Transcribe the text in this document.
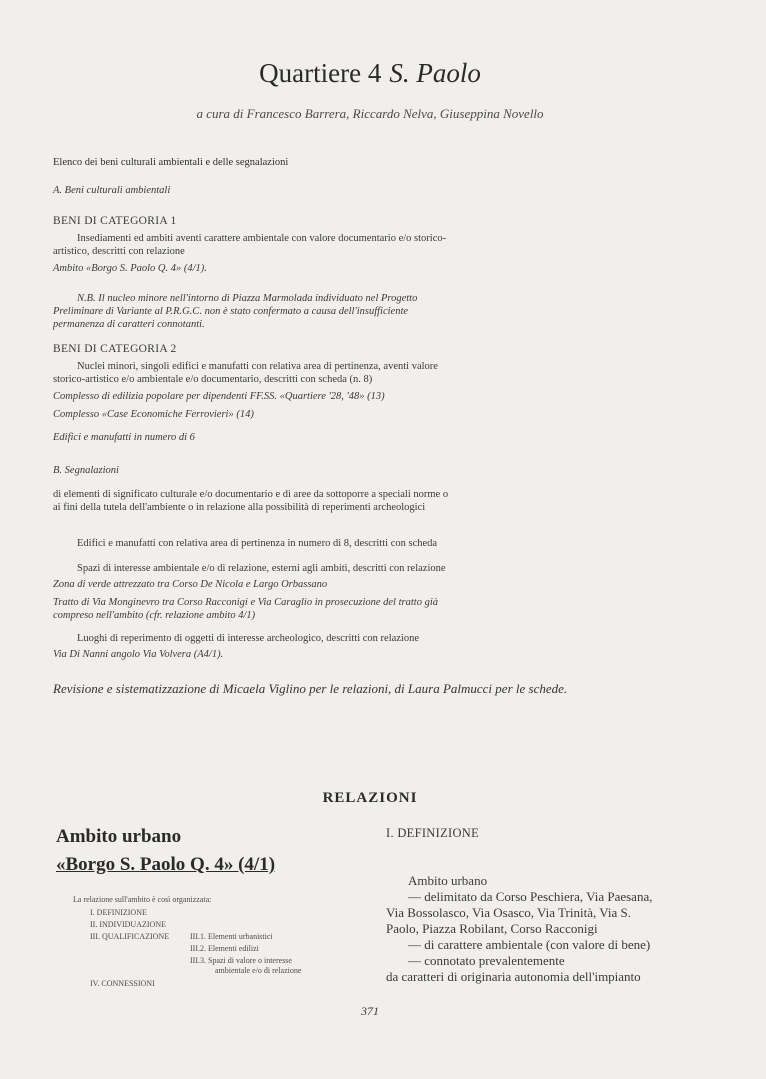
Quartiere 4 S. Paolo
a cura di Francesco Barrera, Riccardo Nelva, Giuseppina Novello
Elenco dei beni culturali ambientali e delle segnalazioni
A. Beni culturali ambientali
BENI DI CATEGORIA 1
Insediamenti ed ambiti aventi carattere ambientale con valore documentario e/o storico-
artistico, descritti con relazione
Ambito «Borgo S. Paolo Q. 4» (4/1).
N.B. Il nucleo minore nell'intorno di Piazza Marmolada individuato nel Progetto
Preliminare di Variante al P.R.G.C. non è stato confermato a causa dell'insufficiente
permanenza di caratteri connotanti.
BENI DI CATEGORIA 2
Nuclei minori, singoli edifici e manufatti con relativa area di pertinenza, aventi valore
storico-artistico e/o ambientale e/o documentario, descritti con scheda (n. 8)
Complesso di edilizia popolare per dipendenti FF.SS. «Quartiere '28, '48» (13)
Complesso «Case Economiche Ferrovieri» (14)
Edifici e manufatti in numero di 6
B. Segnalazioni
di elementi di significato culturale e/o documentario e di aree da sottoporre a speciali norme o
ai fini della tutela dell'ambiente o in relazione alla possibilità di reperimenti archeologici
Edifici e manufatti con relativa area di pertinenza in numero di 8, descritti con scheda
Spazi di interesse ambientale e/o di relazione, esterni agli ambiti, descritti con relazione
Zona di verde attrezzato tra Corso De Nicola e Largo Orbassano
Tratto di Via Monginevro tra Corso Racconigi e Via Caraglio in prosecuzione del tratto già
compreso nell'ambito (cfr. relazione ambito 4/1)
Luoghi di reperimento di oggetti di interesse archeologico, descritti con relazione
Via Di Nanni angolo Via Volvera (A4/1).
Revisione e sistematizzazione di Micaela Viglino per le relazioni, di Laura Palmucci per le schede.
RELAZIONI
Ambito urbano
«Borgo S. Paolo Q. 4» (4/1)
La relazione sull'ambito è così organizzata:
I. DEFINIZIONE
II. INDIVIDUAZIONE
III. QUALIFICAZIONE	III.1. Elementi urbanistici
III.2. Elementi edilizi
III.3. Spazi di valore o interesse
ambientale e/o di relazione
IV. CONNESSIONI
I. DEFINIZIONE
Ambito urbano
— delimitato da Corso Peschiera, Via Paesana,
Via Bossolasco, Via Osasco, Via Trinità, Via S.
Paolo, Piazza Robilant, Corso Racconigi
— di carattere ambientale (con valore di bene)
— connotato prevalentemente
da caratteri di originaria autonomia dell'impianto
371
